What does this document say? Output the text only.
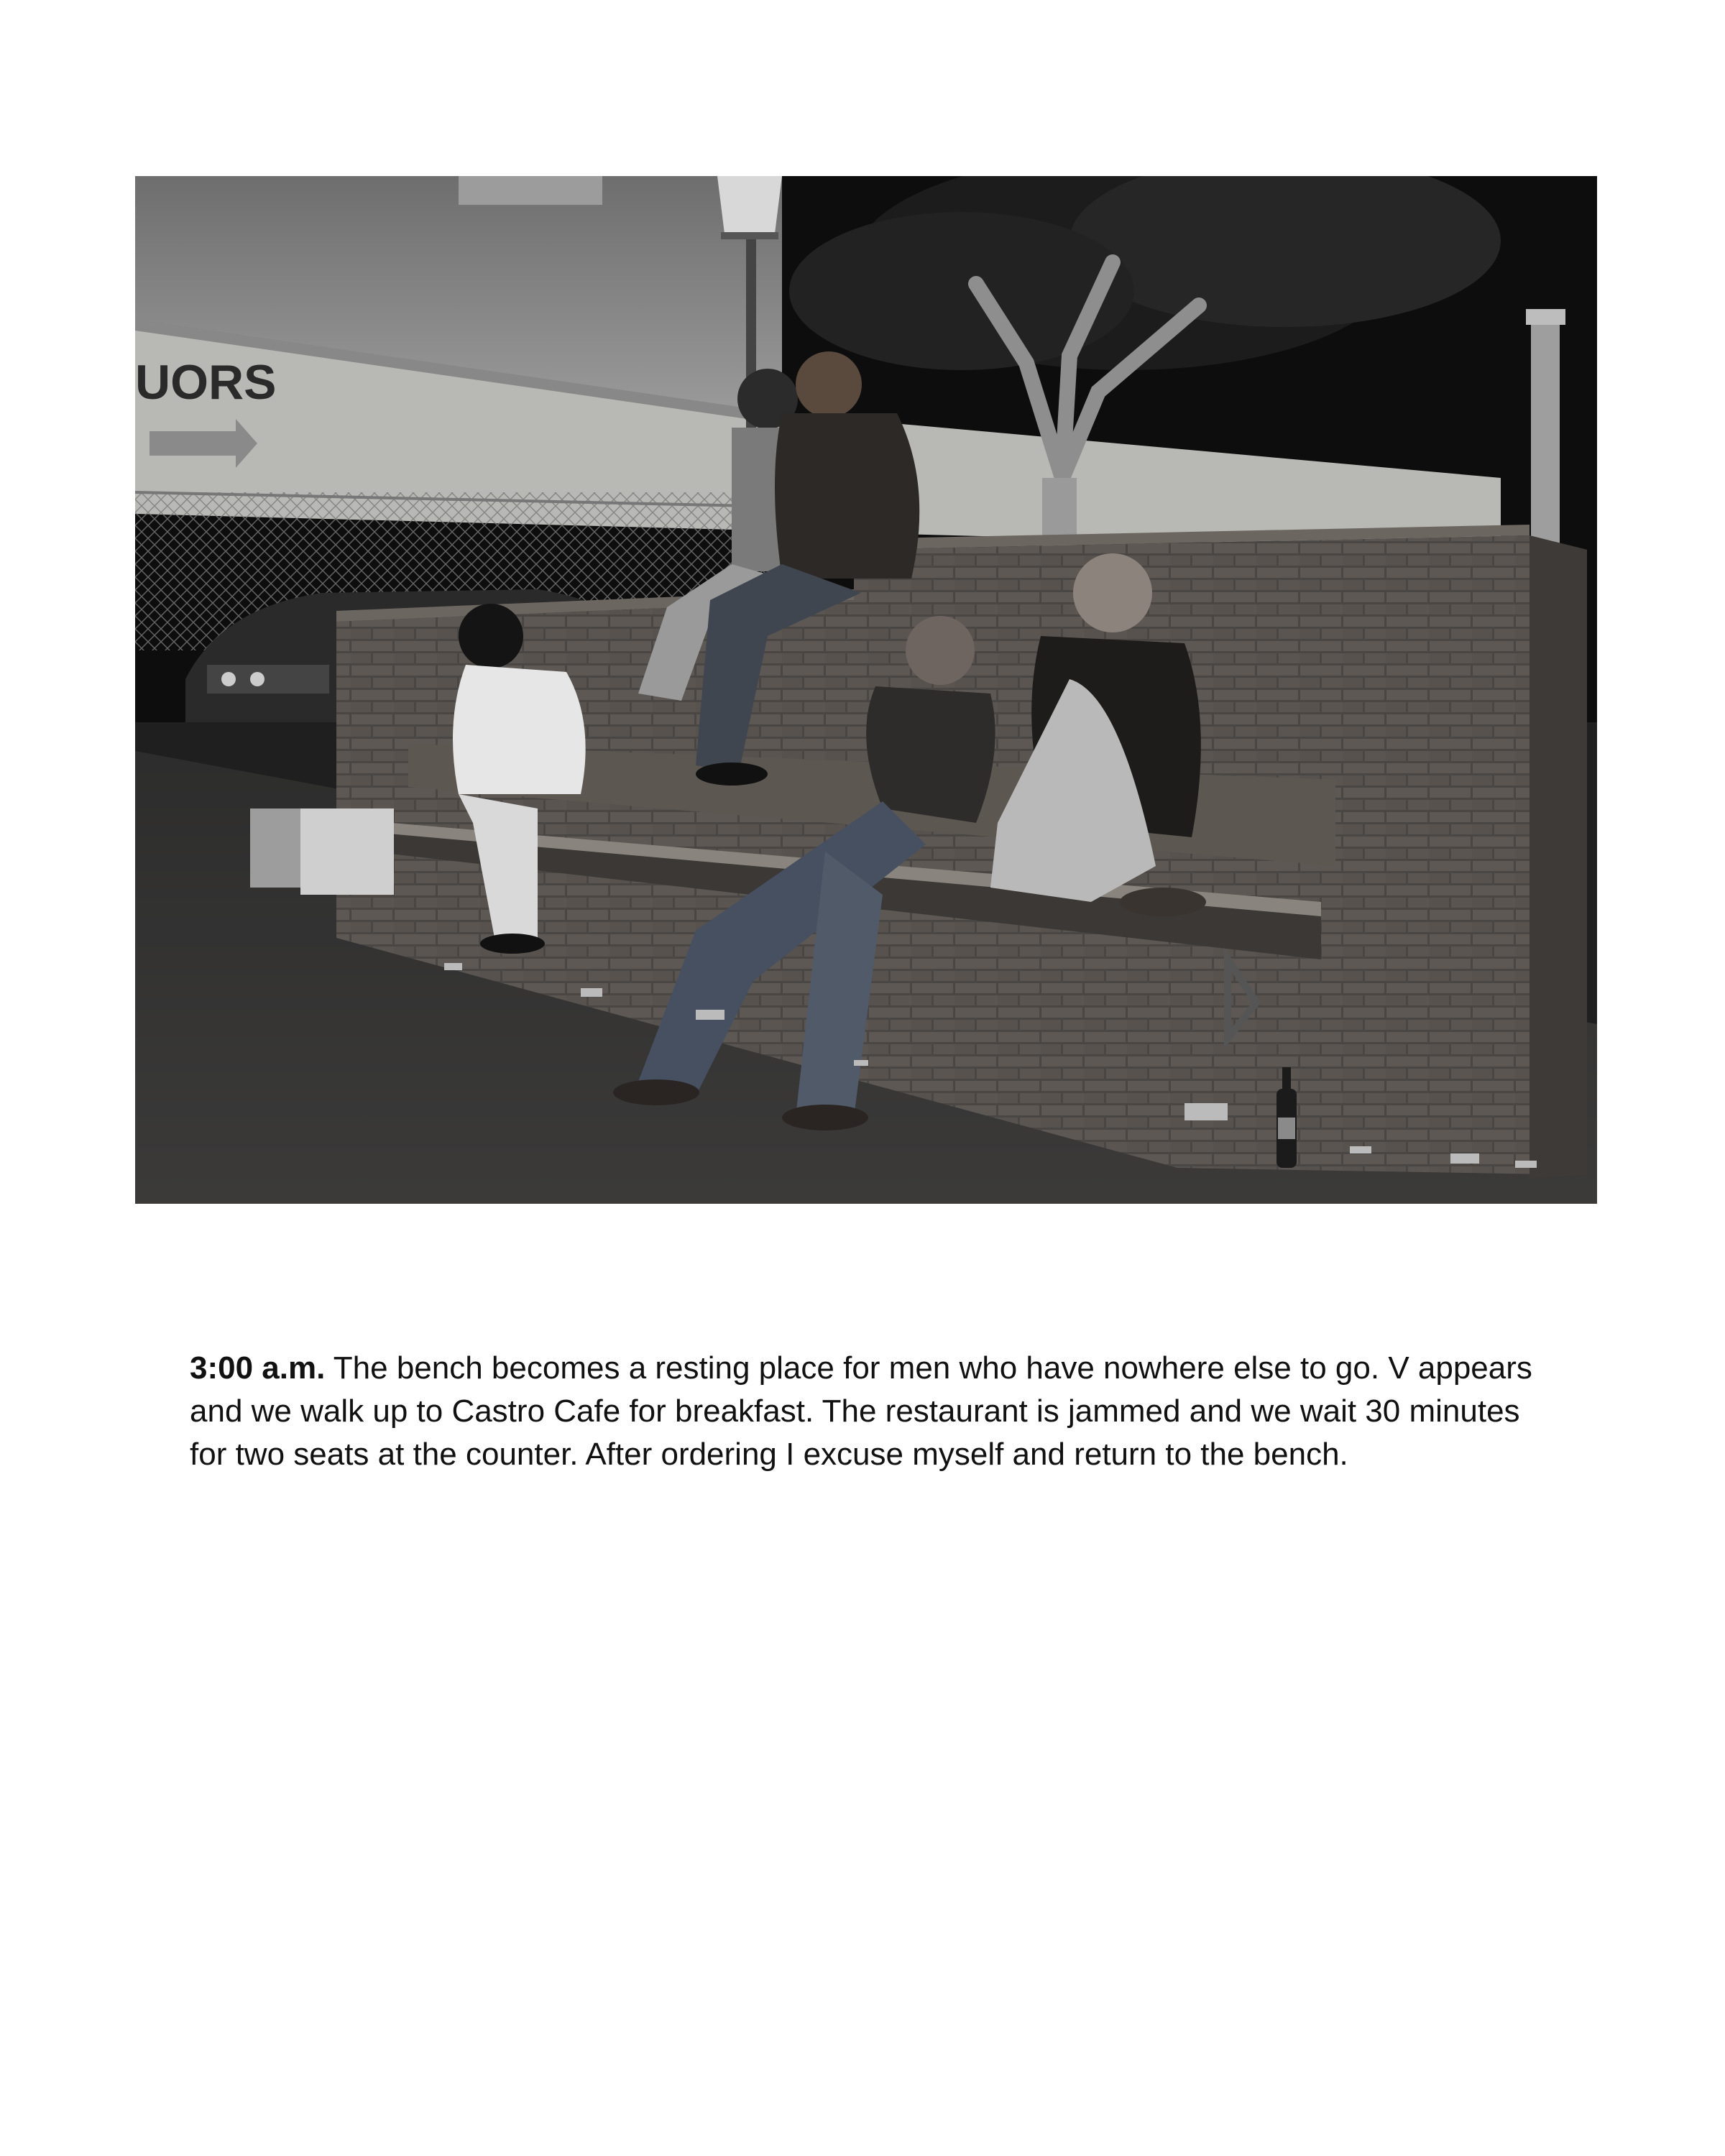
UORS

3:00 a.m. The bench becomes a resting place for men who have nowhere else to go. V appears and we walk up to Castro Cafe for breakfast. The restaurant is jammed and we wait 30 minutes for two seats at the counter. After ordering I excuse myself and return to the bench.
